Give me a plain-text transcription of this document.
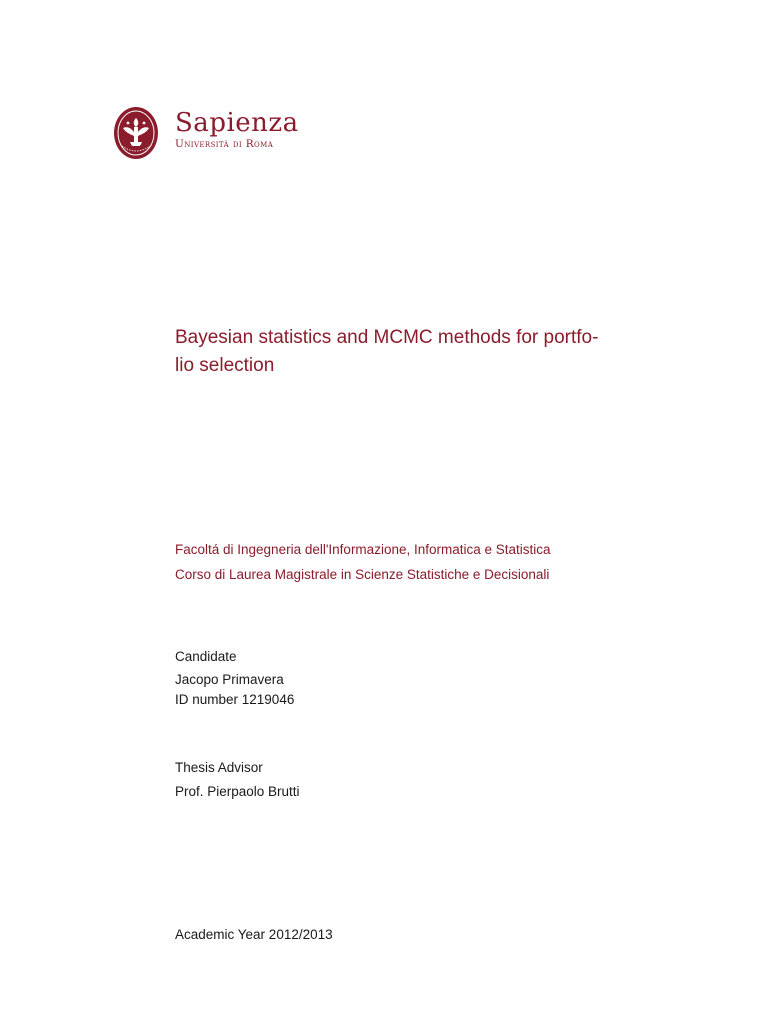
Sapienza
Università di Roma
Bayesian statistics and MCMC methods for portfo-
lio selection
Facoltá di Ingegneria dell'Informazione, Informatica e Statistica
Corso di Laurea Magistrale in Scienze Statistiche e Decisionali
Candidate
Jacopo Primavera
ID number 1219046
Thesis Advisor
Prof. Pierpaolo Brutti
Academic Year 2012/2013
